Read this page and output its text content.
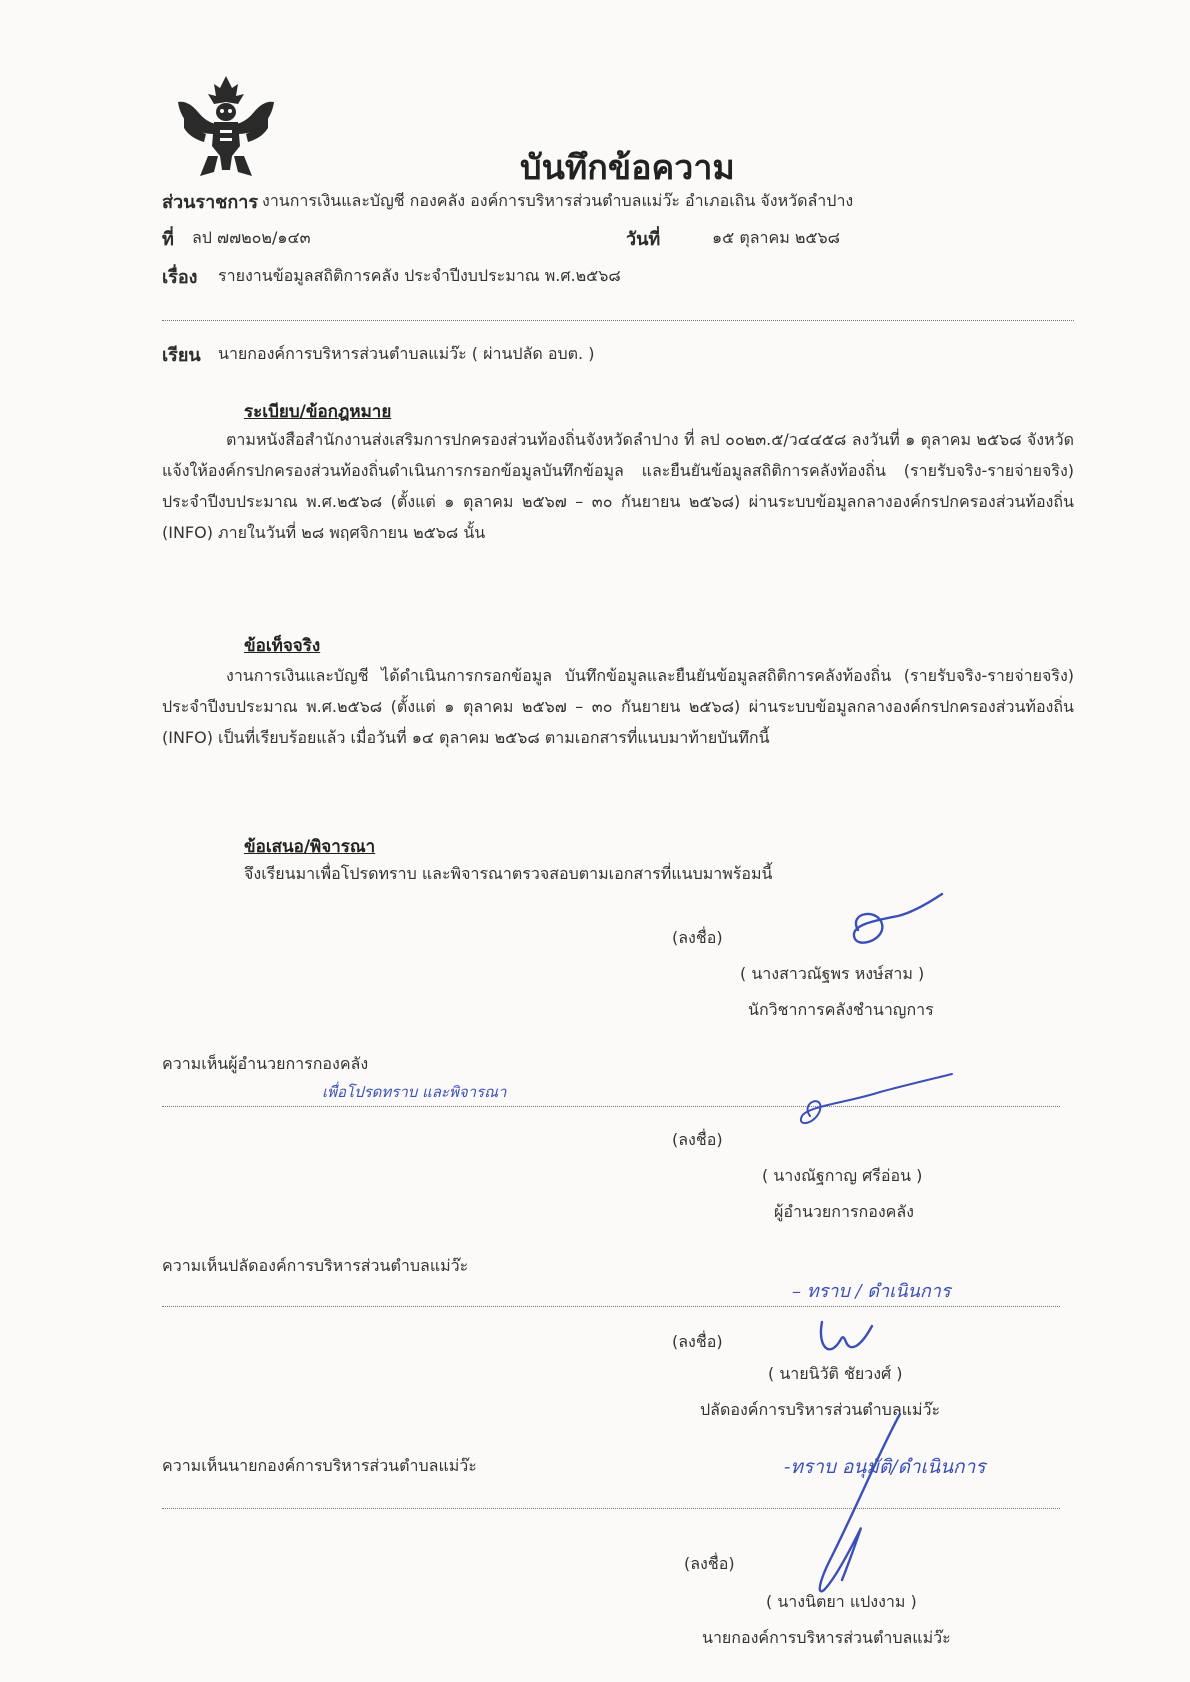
บันทึกข้อความ
ส่วนราชการ งานการเงินและบัญชี กองคลัง องค์การบริหารส่วนตำบลแม่ว๊ะ อำเภอเถิน จังหวัดลำปาง
ที่ ลป ๗๗๒๐๒/๑๔๓	วันที่	๑๕ ตุลาคม ๒๕๖๘
เรื่อง รายงานข้อมูลสถิติการคลัง ประจำปีงบประมาณ พ.ศ.๒๕๖๘
เรียน นายกองค์การบริหารส่วนตำบลแม่ว๊ะ ( ผ่านปลัด อบต. )
ระเบียบ/ข้อกฎหมาย
ตามหนังสือสำนักงานส่งเสริมการปกครองส่วนท้องถิ่นจังหวัดลำปาง ที่ ลป ๐๐๒๓.๕/ว๔๔๕๘ ลงวันที่ ๑ ตุลาคม ๒๕๖๘ จังหวัดแจ้งให้องค์กรปกครองส่วนท้องถิ่นดำเนินการกรอกข้อมูลบันทึกข้อมูล และยืนยันข้อมูลสถิติการคลังท้องถิ่น (รายรับจริง-รายจ่ายจริง) ประจำปีงบประมาณ พ.ศ.๒๕๖๘ (ตั้งแต่ ๑ ตุลาคม ๒๕๖๗ – ๓๐ กันยายน ๒๕๖๘) ผ่านระบบข้อมูลกลางองค์กรปกครองส่วนท้องถิ่น (INFO) ภายในวันที่ ๒๘ พฤศจิกายน ๒๕๖๘ นั้น
ข้อเท็จจริง
งานการเงินและบัญชี ได้ดำเนินการกรอกข้อมูล บันทึกข้อมูลและยืนยันข้อมูลสถิติการคลังท้องถิ่น (รายรับจริง-รายจ่ายจริง) ประจำปีงบประมาณ พ.ศ.๒๕๖๘ (ตั้งแต่ ๑ ตุลาคม ๒๕๖๗ – ๓๐ กันยายน ๒๕๖๘) ผ่านระบบข้อมูลกลางองค์กรปกครองส่วนท้องถิ่น (INFO) เป็นที่เรียบร้อยแล้ว เมื่อวันที่ ๑๔ ตุลาคม ๒๕๖๘ ตามเอกสารที่แนบมาท้ายบันทึกนี้
ข้อเสนอ/พิจารณา
จึงเรียนมาเพื่อโปรดทราบ และพิจารณาตรวจสอบตามเอกสารที่แนบมาพร้อมนี้
(ลงชื่อ)
( นางสาวณัฐพร หงษ์สาม )
นักวิชาการคลังชำนาญการ
ความเห็นผู้อำนวยการกองคลัง
เพื่อโปรดทราบ และพิจารณา
(ลงชื่อ)
( นางณัฐกาญ ศรีอ่อน )
ผู้อำนวยการกองคลัง
ความเห็นปลัดองค์การบริหารส่วนตำบลแม่ว๊ะ
– ทราบ / ดำเนินการ
(ลงชื่อ)
( นายนิวัติ ชัยวงศ์ )
ปลัดองค์การบริหารส่วนตำบลแม่ว๊ะ
ความเห็นนายกองค์การบริหารส่วนตำบลแม่ว๊ะ	-ทราบ อนุมัติ/ดำเนินการ
(ลงชื่อ)
( นางนิตยา แปงงาม )
นายกองค์การบริหารส่วนตำบลแม่ว๊ะ
